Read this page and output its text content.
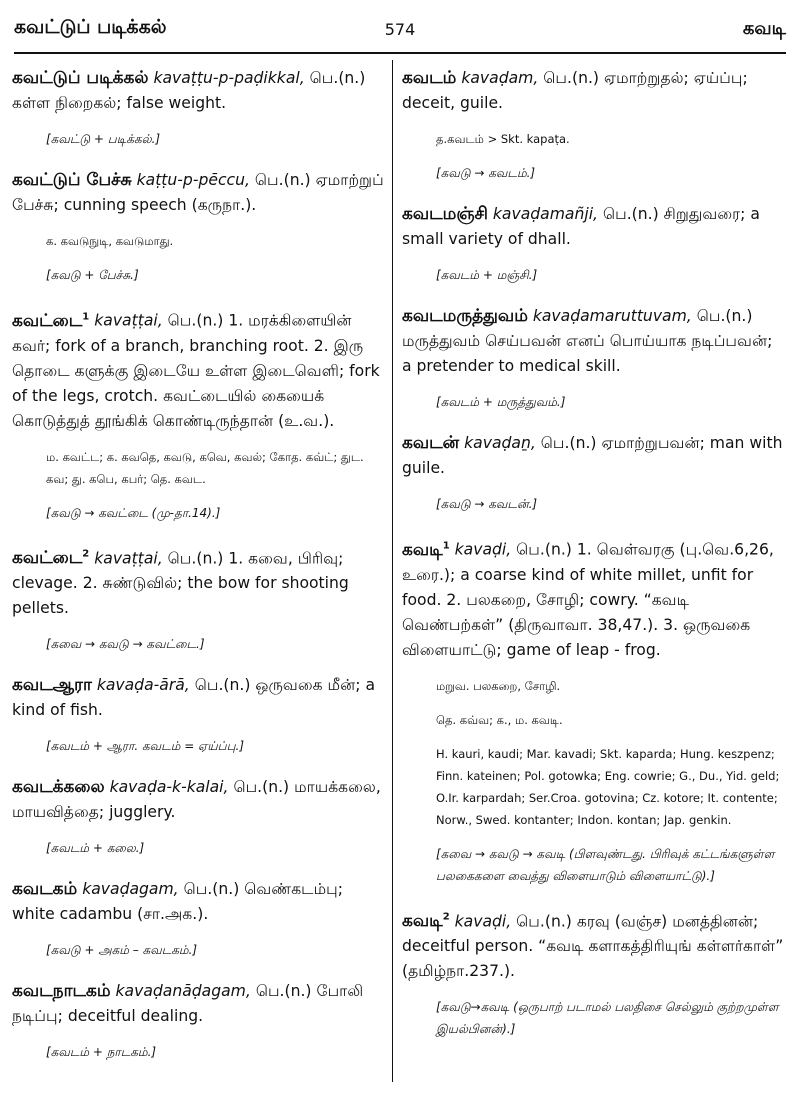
கவட்டுப் படிக்கல்	574	கவடி
கவட்டுப் படிக்கல் kavaṭṭu-p-paḍikkal, பெ.(n.) கள்ள நிறைகல்; false weight.
[கவட்டு + படிக்கல்.]
கவட்டுப் பேச்சு kaṭṭu-p-pēccu, பெ.(n.) ஏமாற்றுப் பேச்சு; cunning speech (கருநா.).
க. கவடுநுடி, கவடுமாது.
[கவடு + பேச்சு.]
கவட்டை$^1$ kavaṭṭai, பெ.(n.) 1. மரக்கிளையின் கவர்; fork of a branch, branching root. 2. இரு தொடை களுக்கு இடையே உள்ள இடைவெளி; fork of the legs, crotch. கவட்டையில் கையைக் கொடுத்துத் தூங்கிக் கொண்டிருந்தான் (உ.வ.).
ம. கவட்ட; க. கவதெ, கவடு, கவெ, கவல்; கோத. கவ்ட்; துட. கவ; து. கபெ, கபர்; தெ. கவட.
[கவடு → கவட்டை (மு-தா.14).]
கவட்டை$^2$ kavaṭṭai, பெ.(n.) 1. கவை, பிரிவு; clevage. 2. சுண்டுவில்; the bow for shooting pellets.
[கவை → கவடு → கவட்டை.]
கவடஆரா kavaḍa-ārā, பெ.(n.) ஒருவகை மீன்; a kind of fish.
[கவடம் + ஆரா. கவடம் = ஏய்ப்பு.]
கவடக்கலை kavaḍa-k-kalai, பெ.(n.) மாயக்கலை, மாயவித்தை; jugglery.
[கவடம் + கலை.]
கவடகம் kavaḍagam, பெ.(n.) வெண்கடம்பு; white cadambu (சா.அக.).
[கவடு + அகம் – கவடகம்.]
கவடநாடகம் kavaḍanāḍagam, பெ.(n.) போலி நடிப்பு; deceitful dealing.
[கவடம் + நாடகம்.]
கவடம் kavaḍam, பெ.(n.) ஏமாற்றுதல்; ஏய்ப்பு; deceit, guile.
த.கவடம் > Skt. kapaṭa.
[கவடு → கவடம்.]
கவடமஞ்சி kavaḍamañji, பெ.(n.) சிறுதுவரை; a small variety of dhall.
[கவடம் + மஞ்சி.]
கவடமருத்துவம் kavaḍamaruttuvam, பெ.(n.) மருத்துவம் செய்பவன் எனப் பொய்யாக நடிப்பவன்; a pretender to medical skill.
[கவடம் + மருத்துவம்.]
கவடன் kavaḍaṉ, பெ.(n.) ஏமாற்றுபவன்; man with guile.
[கவடு → கவடன்.]
கவடி$^1$ kavaḍi, பெ.(n.) 1. வெள்வரகு (பு.வெ.6,26, உரை.); a coarse kind of white millet, unfit for food. 2. பலகறை, சோழி; cowry. “கவடி வெண்பற்கள்” (திருவாவா. 38,47.). 3. ஒருவகை விளையாட்டு; game of leap - frog.
மறுவ. பலகறை, சோழி.
தெ. கவ்வ; க., ம. கவடி.
H. kauri, kaudi; Mar. kavadi; Skt. kaparda; Hung. keszpenz; Finn. kateinen; Pol. gotowka; Eng. cowrie; G., Du., Yid. geld; O.Ir. karpardah; Ser.Croa. gotovina; Cz. kotore; It. contente; Norw., Swed. kontanter; Indon. kontan; Jap. genkin.
[கவை → கவடு → கவடி (பிளவுண்டது. பிரிவுக் கட்டங்களுள்ள பலகைகளை வைத்து விளையாடும் விளையாட்டு).]
கவடி$^2$ kavaḍi, பெ.(n.) கரவு (வஞ்ச) மனத்தினன்; deceitful person. “கவடி களாகத்திரியுங் கள்ளர்காள்” (தமிழ்நா.237.).
[கவடு→கவடி (ஒருபாற் படாமல் பலதிசை செல்லும் குற்றமுள்ள இயல்பினன்).]
